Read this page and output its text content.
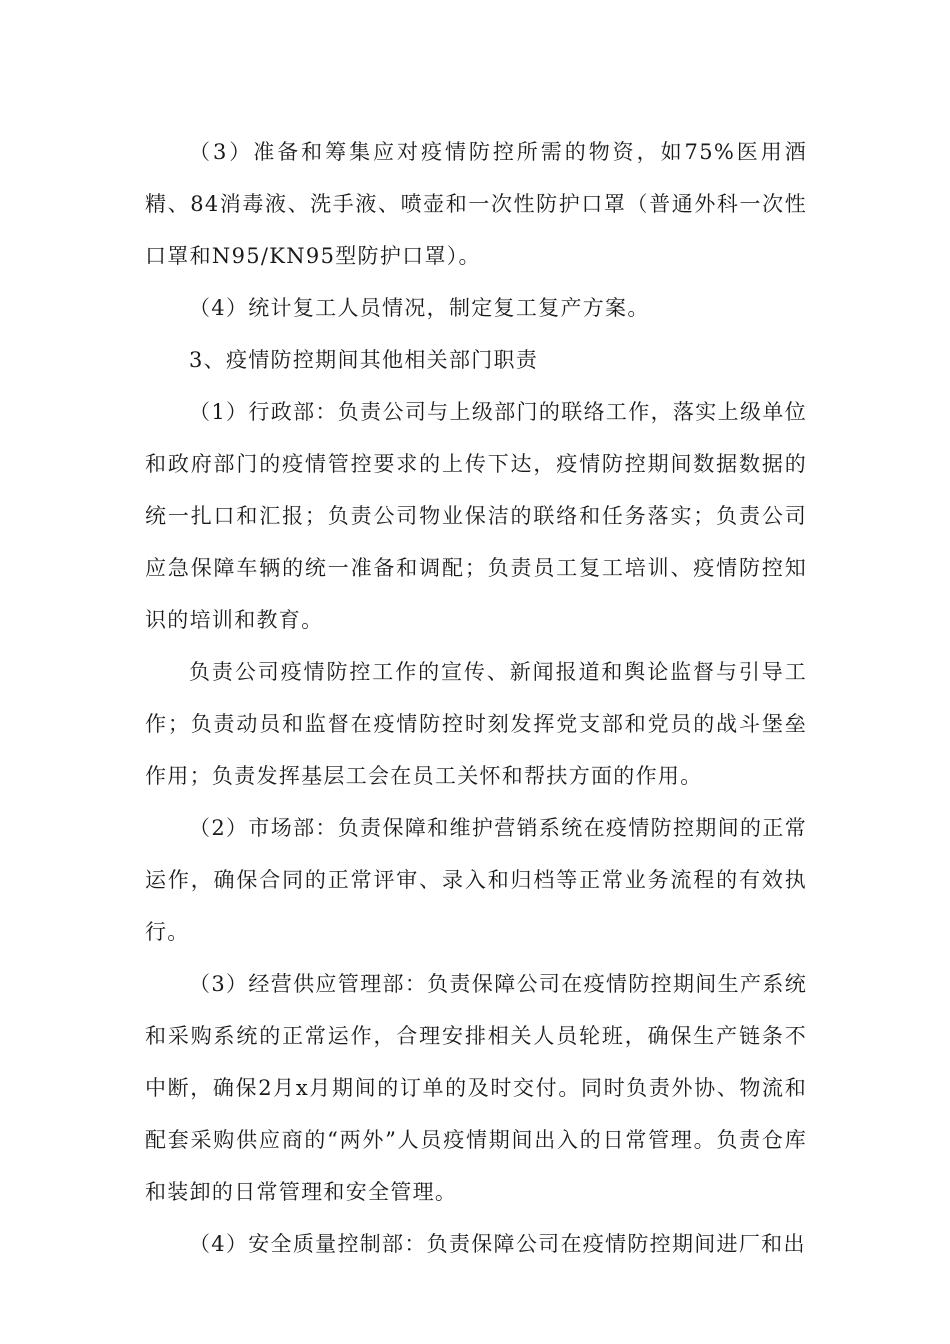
（3）准备和筹集应对疫情防控所需的物资，如75%医用酒精、84消毒液、洗手液、喷壶和一次性防护口罩（普通外科一次性口罩和N95/KN95型防护口罩）。

（4）统计复工人员情况，制定复工复产方案。

3、疫情防控期间其他相关部门职责

（1）行政部：负责公司与上级部门的联络工作，落实上级单位和政府部门的疫情管控要求的上传下达，疫情防控期间数据数据的统一扎口和汇报；负责公司物业保洁的联络和任务落实；负责公司应急保障车辆的统一准备和调配；负责员工复工培训、疫情防控知识的培训和教育。

负责公司疫情防控工作的宣传、新闻报道和舆论监督与引导工作；负责动员和监督在疫情防控时刻发挥党支部和党员的战斗堡垒作用；负责发挥基层工会在员工关怀和帮扶方面的作用。

（2）市场部：负责保障和维护营销系统在疫情防控期间的正常运作，确保合同的正常评审、录入和归档等正常业务流程的有效执行。

（3）经营供应管理部：负责保障公司在疫情防控期间生产系统和采购系统的正常运作，合理安排相关人员轮班，确保生产链条不中断，确保2月x月期间的订单的及时交付。同时负责外协、物流和配套采购供应商的“两外”人员疫情期间出入的日常管理。负责仓库和装卸的日常管理和安全管理。

（4）安全质量控制部：负责保障公司在疫情防控期间进厂和出
